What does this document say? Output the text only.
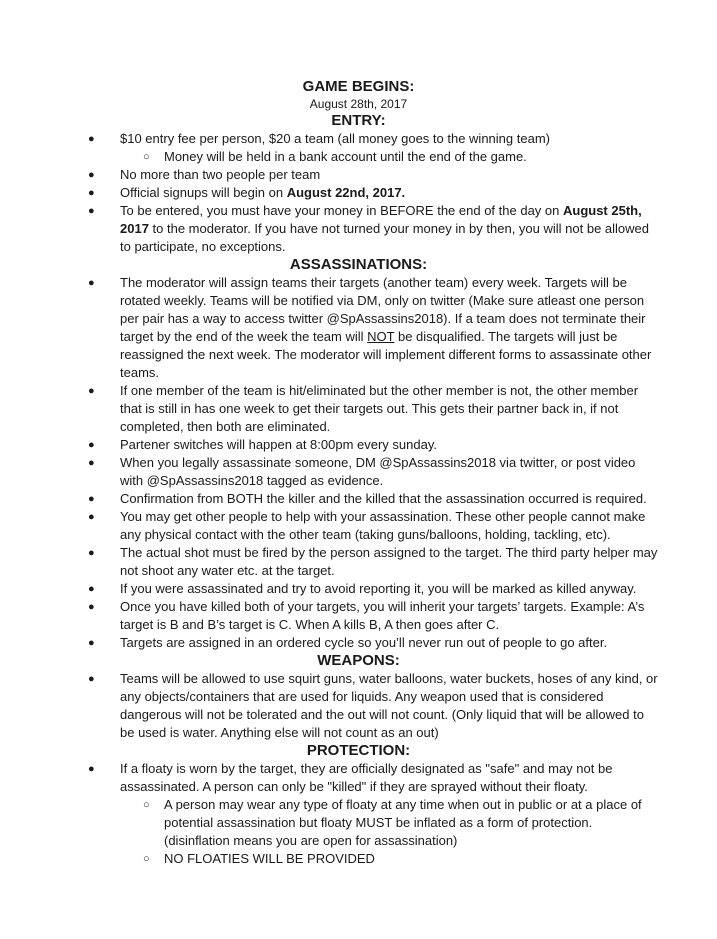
GAME BEGINS:

August 28th, 2017

ENTRY:
● $10 entry fee per person, $20 a team (all money goes to the winning team)
○ Money will be held in a bank account until the end of the game.
● No more than two people per team
● Official signups will begin on August 22nd, 2017.
● To be entered, you must have your money in BEFORE the end of the day on August 25th, 2017 to the moderator. If you have not turned your money in by then, you will not be allowed to participate, no exceptions.
ASSASSINATIONS:
● The moderator will assign teams their targets (another team) every week. Targets will be rotated weekly. Teams will be notified via DM, only on twitter (Make sure atleast one person per pair has a way to access twitter @SpAssassins2018). If a team does not terminate their target by the end of the week the team will NOT be disqualified. The targets will just be reassigned the next week. The moderator will implement different forms to assassinate other teams.
● If one member of the team is hit/eliminated but the other member is not, the other member that is still in has one week to get their targets out. This gets their partner back in, if not completed, then both are eliminated.
● Partener switches will happen at 8:00pm every sunday.
● When you legally assassinate someone, DM @SpAssassins2018 via twitter, or post video with @SpAssassins2018 tagged as evidence.
● Confirmation from BOTH the killer and the killed that the assassination occurred is required.
● You may get other people to help with your assassination. These other people cannot make any physical contact with the other team (taking guns/balloons, holding, tackling, etc).
● The actual shot must be fired by the person assigned to the target. The third party helper may not shoot any water etc. at the target.
● If you were assassinated and try to avoid reporting it, you will be marked as killed anyway.
● Once you have killed both of your targets, you will inherit your targets’ targets. Example: A’s target is B and B’s target is C. When A kills B, A then goes after C.
● Targets are assigned in an ordered cycle so you’ll never run out of people to go after.
WEAPONS:
● Teams will be allowed to use squirt guns, water balloons, water buckets, hoses of any kind, or any objects/containers that are used for liquids. Any weapon used that is considered dangerous will not be tolerated and the out will not count. (Only liquid that will be allowed to be used is water. Anything else will not count as an out)
PROTECTION:
● If a floaty is worn by the target, they are officially designated as "safe" and may not be assassinated. A person can only be "killed" if they are sprayed without their floaty.
○ A person may wear any type of floaty at any time when out in public or at a place of potential assassination but floaty MUST be inflated as a form of protection. (disinflation means you are open for assassination)
○ NO FLOATIES WILL BE PROVIDED
